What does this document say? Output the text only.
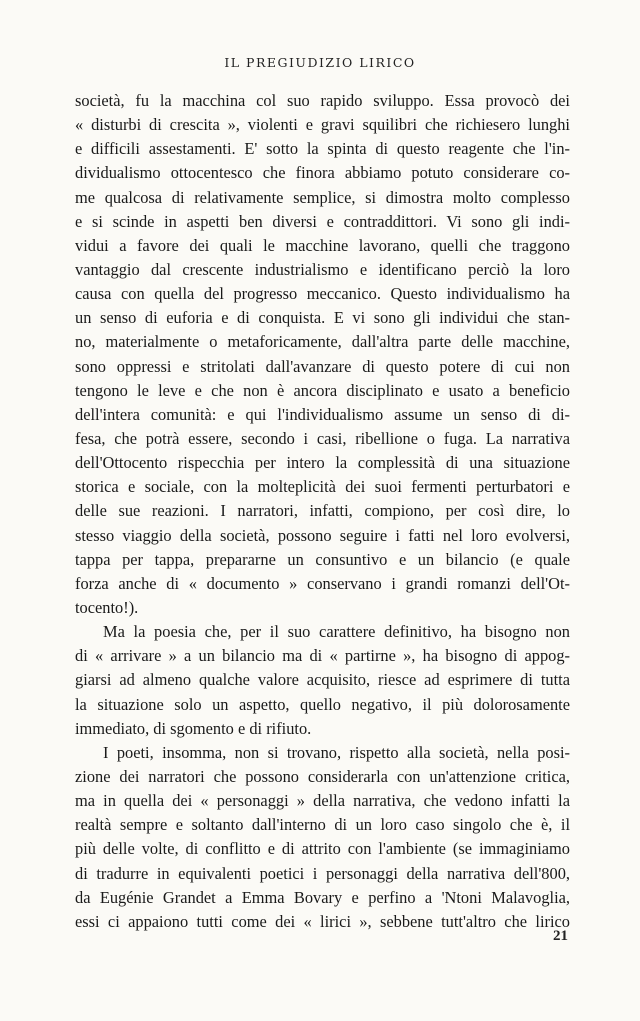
IL PREGIUDIZIO LIRICO
società, fu la macchina col suo rapido sviluppo. Essa provocò dei
« disturbi di crescita », violenti e gravi squilibri che richiesero lunghi
e difficili assestamenti. E' sotto la spinta di questo reagente che l'in-
dividualismo ottocentesco che finora abbiamo potuto considerare co-
me qualcosa di relativamente semplice, si dimostra molto complesso
e si scinde in aspetti ben diversi e contraddittori. Vi sono gli indi-
vidui a favore dei quali le macchine lavorano, quelli che traggono
vantaggio dal crescente industrialismo e identificano perciò la loro
causa con quella del progresso meccanico. Questo individualismo ha
un senso di euforia e di conquista. E vi sono gli individui che stan-
no, materialmente o metaforicamente, dall'altra parte delle macchine,
sono oppressi e stritolati dall'avanzare di questo potere di cui non
tengono le leve e che non è ancora disciplinato e usato a beneficio
dell'intera comunità: e qui l'individualismo assume un senso di di-
fesa, che potrà essere, secondo i casi, ribellione o fuga. La narrativa
dell'Ottocento rispecchia per intero la complessità di una situazione
storica e sociale, con la molteplicità dei suoi fermenti perturbatori e
delle sue reazioni. I narratori, infatti, compiono, per così dire, lo
stesso viaggio della società, possono seguire i fatti nel loro evolversi,
tappa per tappa, prepararne un consuntivo e un bilancio (e quale
forza anche di « documento » conservano i grandi romanzi dell'Ot-
tocento!).
Ma la poesia che, per il suo carattere definitivo, ha bisogno non
di « arrivare » a un bilancio ma di « partirne », ha bisogno di appog-
giarsi ad almeno qualche valore acquisito, riesce ad esprimere di tutta
la situazione solo un aspetto, quello negativo, il più dolorosamente
immediato, di sgomento e di rifiuto.
I poeti, insomma, non si trovano, rispetto alla società, nella posi-
zione dei narratori che possono considerarla con un'attenzione critica,
ma in quella dei « personaggi » della narrativa, che vedono infatti la
realtà sempre e soltanto dall'interno di un loro caso singolo che è, il
più delle volte, di conflitto e di attrito con l'ambiente (se immaginiamo
di tradurre in equivalenti poetici i personaggi della narrativa dell'800,
da Eugénie Grandet a Emma Bovary e perfino a 'Ntoni Malavoglia,
essi ci appaiono tutti come dei « lirici », sebbene tutt'altro che lirico
21
